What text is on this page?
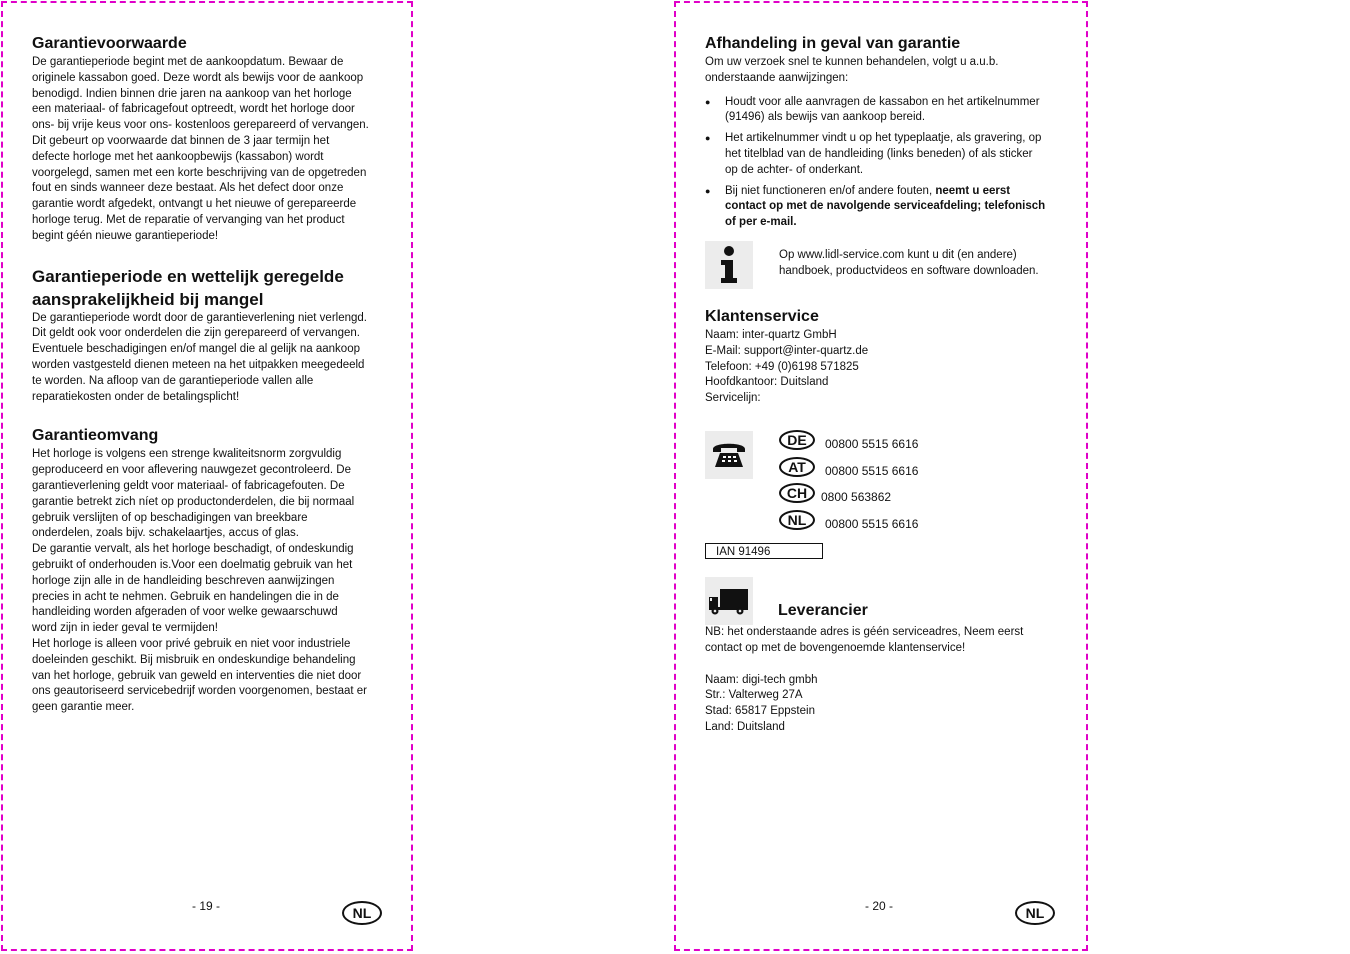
Garantievoorwaarde
De garantieperiode begint met de aankoopdatum. Bewaar de
originele kassabon goed. Deze wordt als bewijs voor de aankoop
benodigd. Indien binnen drie jaren na aankoop van het horloge
een materiaal- of fabricagefout optreedt, wordt het horloge door
ons- bij vrije keus voor ons- kostenloos gerepareerd of vervangen.
Dit gebeurt op voorwaarde dat binnen de 3 jaar termijn het
defecte horloge met het aankoopbewijs (kassabon) wordt
voorgelegd, samen met een korte beschrijving van de opgetreden
fout en sinds wanneer deze bestaat. Als het defect door onze
garantie wordt afgedekt, ontvangt u het nieuwe of gerepareerde
horloge terug. Met de reparatie of vervanging van het product
begint géén nieuwe garantieperiode!
Garantieperiode en wettelijk geregelde
aansprakelijkheid bij mangel
De garantieperiode wordt door de garantieverlening niet verlengd.
Dit geldt ook voor onderdelen die zijn gerepareerd of vervangen.
Eventuele beschadigingen en/of mangel die al gelijk na aankoop
worden vastgesteld dienen meteen na het uitpakken meegedeeld
te worden. Na afloop van de garantieperiode vallen alle
reparatiekosten onder de betalingsplicht!
Garantieomvang
Het horloge is volgens een strenge kwaliteitsnorm zorgvuldig
geproduceerd en voor aflevering nauwgezet gecontroleerd. De
garantieverlening geldt voor materiaal- of fabricagefouten. De
garantie betrekt zich níet op productonderdelen, die bij normaal
gebruik verslijten of op beschadigingen van breekbare
onderdelen, zoals bijv. schakelaartjes, accus of glas.
De garantie vervalt, als het horloge beschadigt, of ondeskundig
gebruikt of onderhouden is.Voor een doelmatig gebruik van het
horloge zijn alle in de handleiding beschreven aanwijzingen
precies in acht te nehmen. Gebruik en handelingen die in de
handleiding worden afgeraden of voor welke gewaarschuwd
word zijn in ieder geval te vermijden!
Het horloge is alleen voor privé gebruik en niet voor industriele
doeleinden geschikt. Bij misbruik en ondeskundige behandeling
van het horloge, gebruik van geweld en interventies die niet door
ons geautoriseerd servicebedrijf worden voorgenomen, bestaat er
geen garantie meer.
- 19 -	NL
Afhandeling in geval van garantie
Om uw verzoek snel te kunnen behandelen, volgt u a.u.b.
onderstaande aanwijzingen:
● Houdt voor alle aanvragen de kassabon en het artikelnummer
(91496) als bewijs van aankoop bereid.
● Het artikelnummer vindt u op het typeplaatje, als gravering, op
het titelblad van de handleiding (links beneden) of als sticker
op de achter- of onderkant.
● Bij niet functioneren en/of andere fouten, neemt u eerst
contact op met de navolgende serviceafdeling; telefonisch
of per e-mail.
Op www.lidl-service.com kunt u dit (en andere)
handboek, productvideos en software downloaden.
Klantenservice
Naam: inter-quartz GmbH
E-Mail: support@inter-quartz.de
Telefoon: +49 (0)6198 571825
Hoofdkantoor: Duitsland
Servicelijn:
DE	00800 5515 6616
AT	00800 5515 6616
CH	0800 563862
NL	00800 5515 6616
IAN 91496
Leverancier
NB: het onderstaande adres is géén serviceadres, Neem eerst
contact op met de bovengenoemde klantenservice!
Naam: digi-tech gmbh
Str.: Valterweg 27A
Stad: 65817 Eppstein
Land: Duitsland
- 20 -	NL
